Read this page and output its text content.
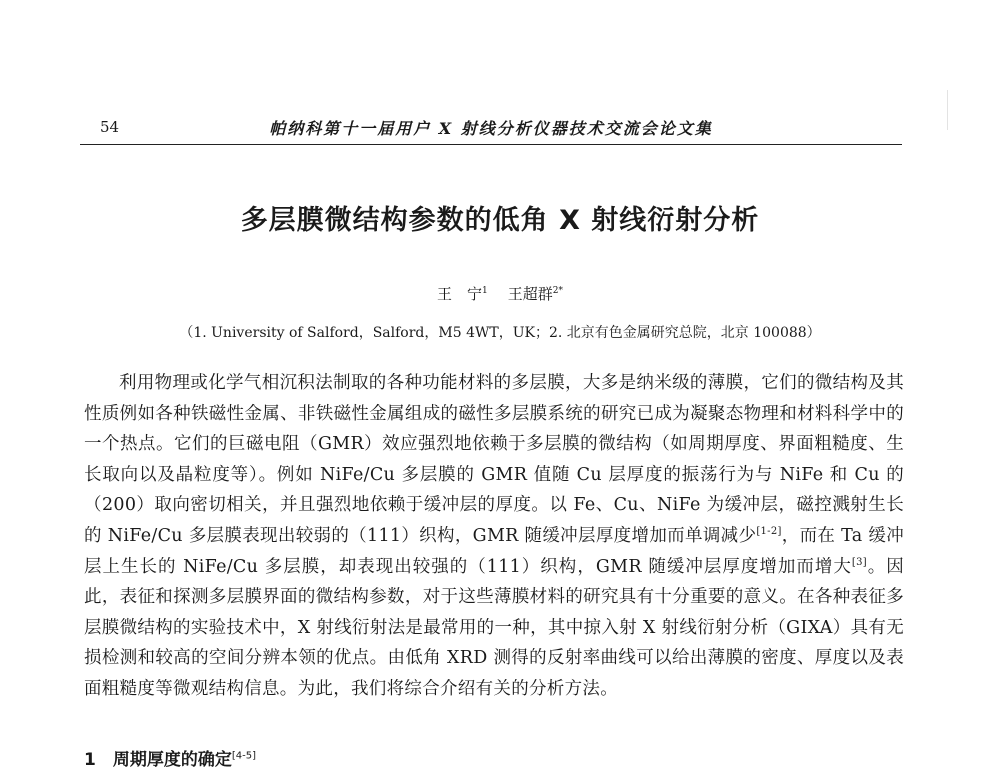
54	帕纳科第十一届用户 X 射线分析仪器技术交流会论文集
多层膜微结构参数的低角 X 射线衍射分析
王　宁$^1$ 王超群$^{2*}$
（1. University of Salford，Salford，M5 4WT，UK；2. 北京有色金属研究总院，北京 100088）
利用物理或化学气相沉积法制取的各种功能材料的多层膜，大多是纳米级的薄膜，它们的微结构及其性质例如各种铁磁性金属、非铁磁性金属组成的磁性多层膜系统的研究已成为凝聚态物理和材料科学中的一个热点。它们的巨磁电阻（GMR）效应强烈地依赖于多层膜的微结构（如周期厚度、界面粗糙度、生长取向以及晶粒度等）。例如 NiFe/Cu 多层膜的 GMR 值随 Cu 层厚度的振荡行为与 NiFe 和 Cu 的（200）取向密切相关，并且强烈地依赖于缓冲层的厚度。以 Fe、Cu、NiFe 为缓冲层，磁控溅射生长的 NiFe/Cu 多层膜表现出较弱的（111）织构，GMR 随缓冲层厚度增加而单调减少[1-2]，而在 Ta 缓冲层上生长的 NiFe/Cu 多层膜，却表现出较强的（111）织构，GMR 随缓冲层厚度增加而增大[3]。因此，表征和探测多层膜界面的微结构参数，对于这些薄膜材料的研究具有十分重要的意义。在各种表征多层膜微结构的实验技术中，X 射线衍射法是最常用的一种，其中掠入射 X 射线衍射分析（GIXA）具有无损检测和较高的空间分辨本领的优点。由低角 XRD 测得的反射率曲线可以给出薄膜的密度、厚度以及表面粗糙度等微观结构信息。为此，我们将综合介绍有关的分析方法。
1　周期厚度的确定[4-5]
